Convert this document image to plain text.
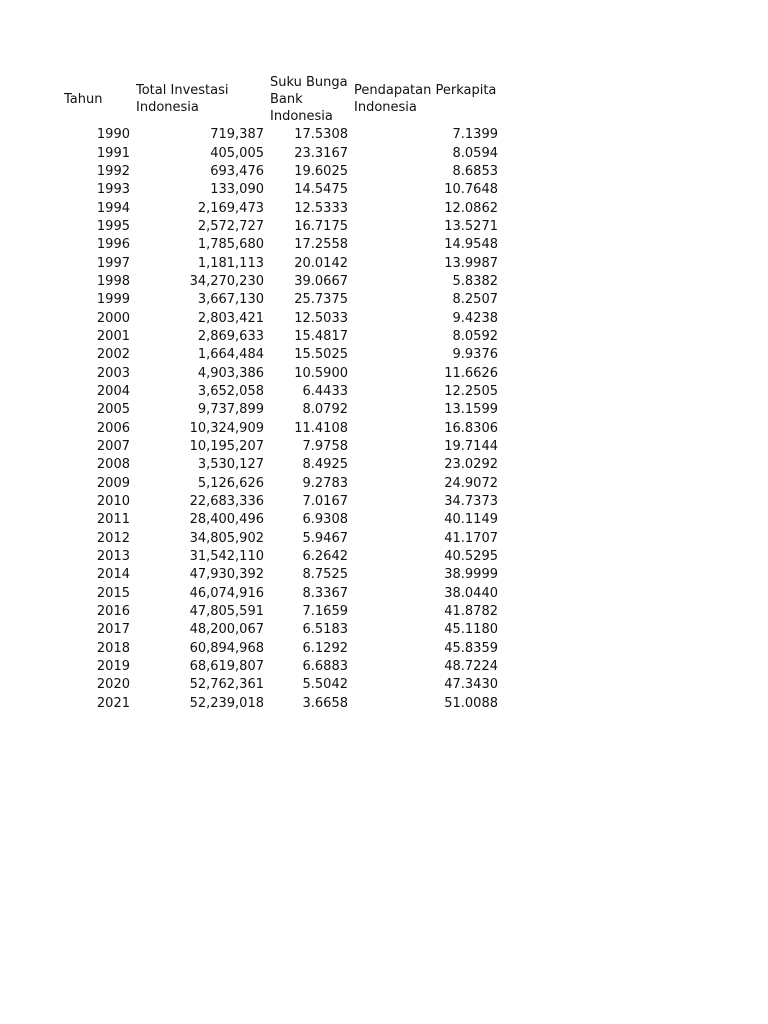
Tahun	Total Investasi Indonesia	Suku Bunga Bank Indonesia	Pendapatan Perkapita Indonesia
1990	719,387	17.5308	7.1399
1991	405,005	23.3167	8.0594
1992	693,476	19.6025	8.6853
1993	133,090	14.5475	10.7648
1994	2,169,473	12.5333	12.0862
1995	2,572,727	16.7175	13.5271
1996	1,785,680	17.2558	14.9548
1997	1,181,113	20.0142	13.9987
1998	34,270,230	39.0667	5.8382
1999	3,667,130	25.7375	8.2507
2000	2,803,421	12.5033	9.4238
2001	2,869,633	15.4817	8.0592
2002	1,664,484	15.5025	9.9376
2003	4,903,386	10.5900	11.6626
2004	3,652,058	6.4433	12.2505
2005	9,737,899	8.0792	13.1599
2006	10,324,909	11.4108	16.8306
2007	10,195,207	7.9758	19.7144
2008	3,530,127	8.4925	23.0292
2009	5,126,626	9.2783	24.9072
2010	22,683,336	7.0167	34.7373
2011	28,400,496	6.9308	40.1149
2012	34,805,902	5.9467	41.1707
2013	31,542,110	6.2642	40.5295
2014	47,930,392	8.7525	38.9999
2015	46,074,916	8.3367	38.0440
2016	47,805,591	7.1659	41.8782
2017	48,200,067	6.5183	45.1180
2018	60,894,968	6.1292	45.8359
2019	68,619,807	6.6883	48.7224
2020	52,762,361	5.5042	47.3430
2021	52,239,018	3.6658	51.0088
